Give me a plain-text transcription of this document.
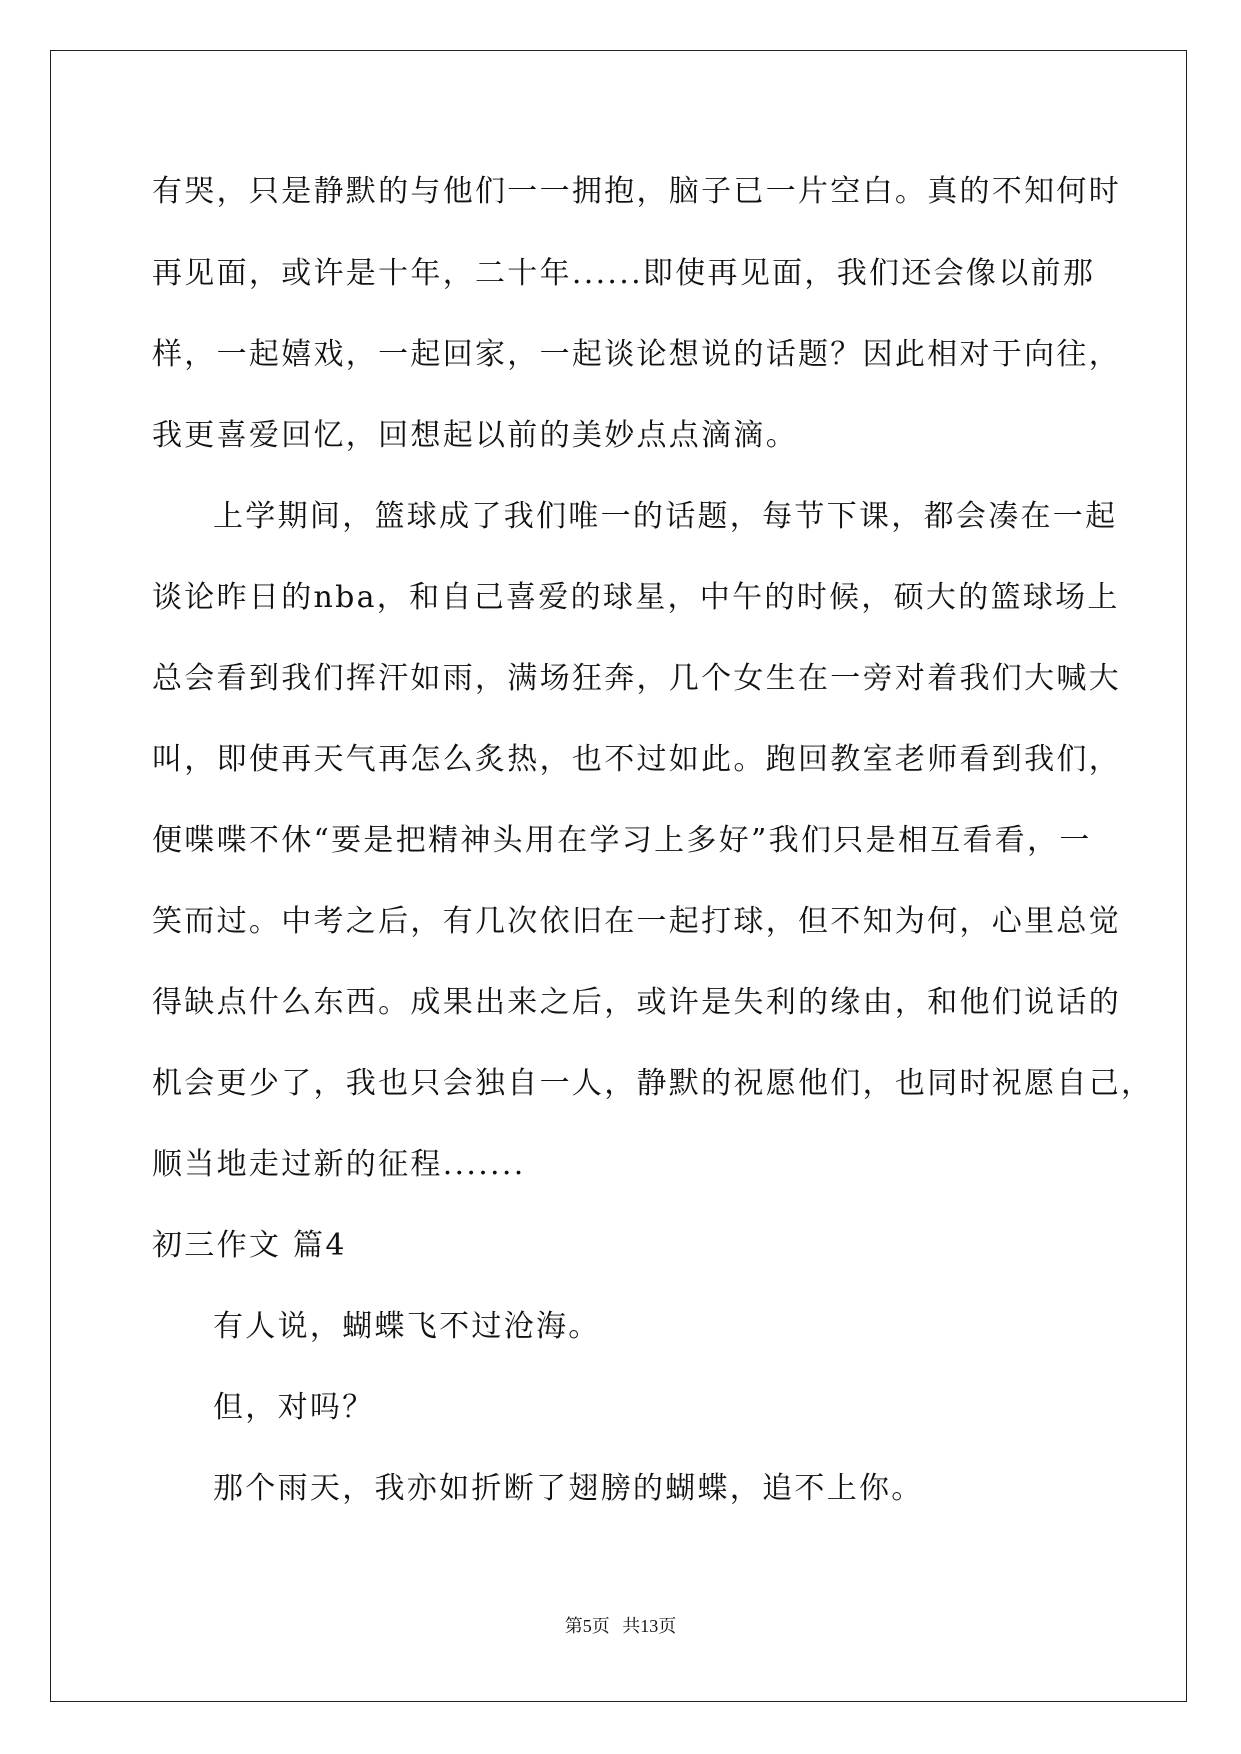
有哭，只是静默的与他们一一拥抱，脑子已一片空白。真的不知何时
再见面，或许是十年，二十年......即使再见面，我们还会像以前那
样，一起嬉戏，一起回家，一起谈论想说的话题？因此相对于向往，
我更喜爱回忆，回想起以前的美妙点点滴滴。
上学期间，篮球成了我们唯一的话题，每节下课，都会凑在一起
谈论昨日的nba，和自己喜爱的球星，中午的时候，硕大的篮球场上
总会看到我们挥汗如雨，满场狂奔，几个女生在一旁对着我们大喊大
叫，即使再天气再怎么炙热，也不过如此。跑回教室老师看到我们，
便喋喋不休“要是把精神头用在学习上多好”我们只是相互看看，一
笑而过。中考之后，有几次依旧在一起打球，但不知为何，心里总觉
得缺点什么东西。成果出来之后，或许是失利的缘由，和他们说话的
机会更少了，我也只会独自一人，静默的祝愿他们，也同时祝愿自己，
顺当地走过新的征程.......
初三作文 篇4
有人说，蝴蝶飞不过沧海。
但，对吗？
那个雨天，我亦如折断了翅膀的蝴蝶，追不上你。
第5页 共13页
